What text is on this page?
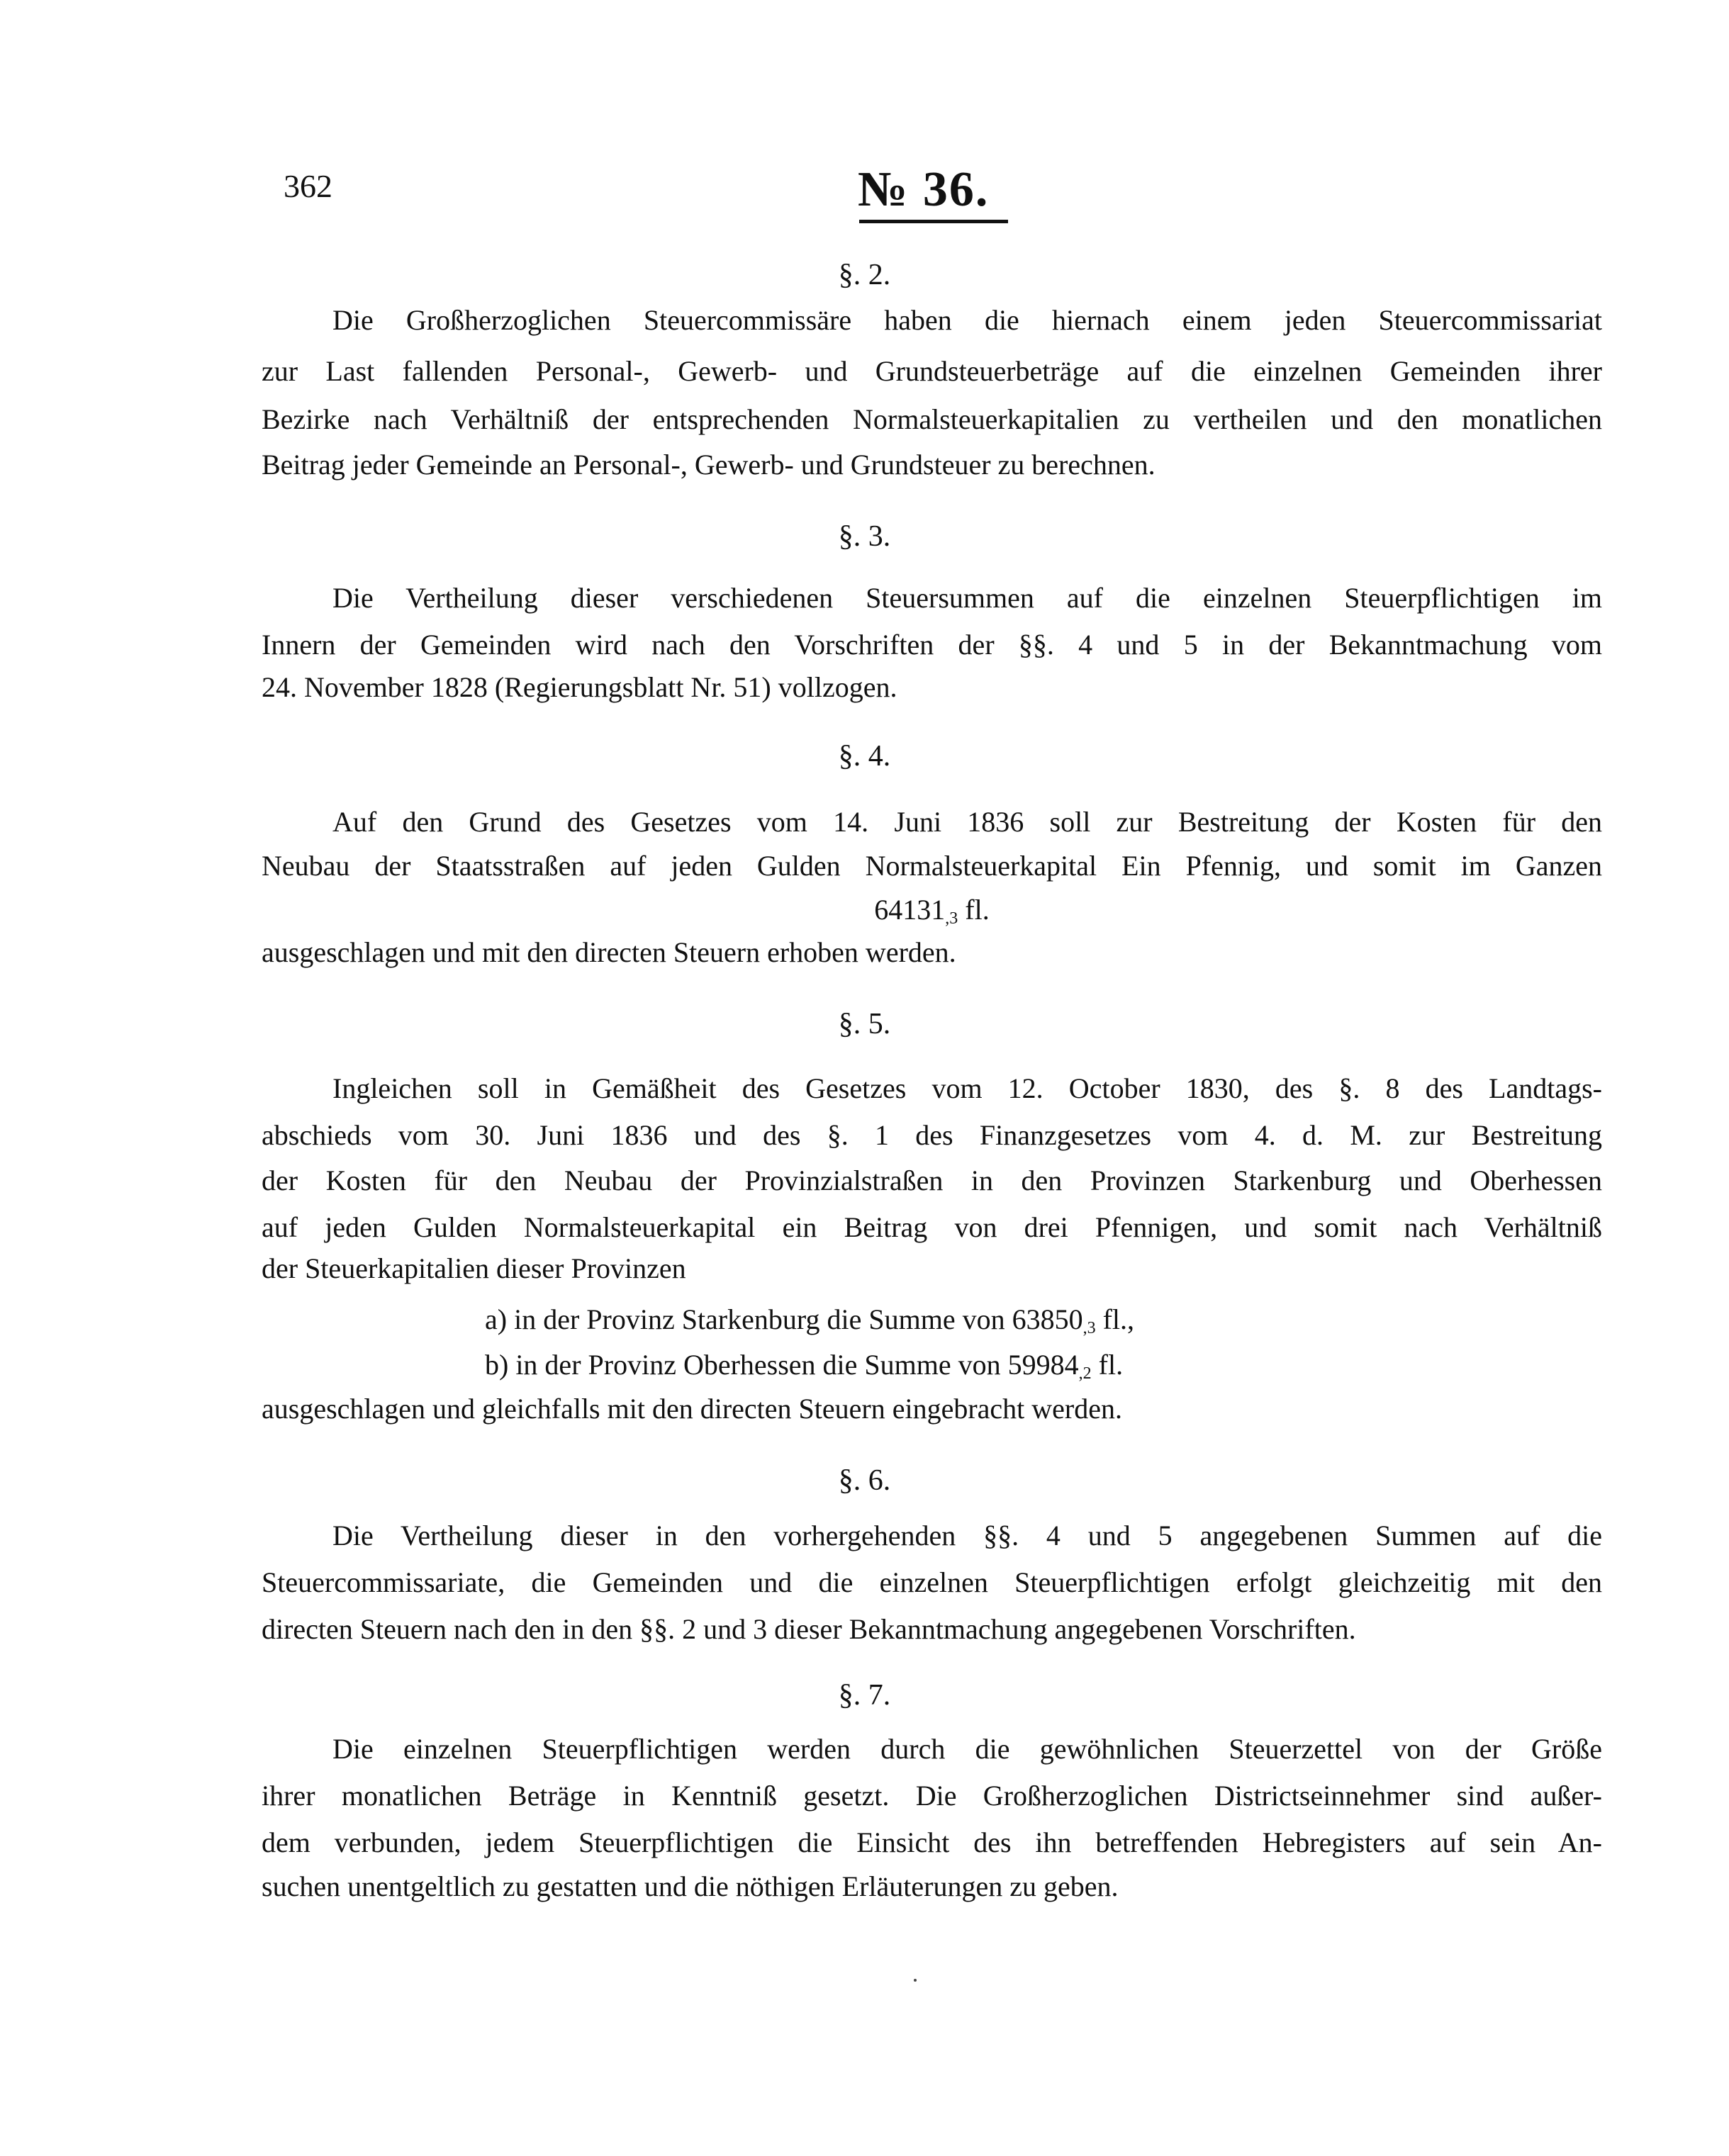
362	№ 36.
§. 2.
Die Großherzoglichen Steuercommissäre haben die hiernach einem jeden Steuercommissariat
zur Last fallenden Personal-, Gewerb- und Grundsteuerbeträge auf die einzelnen Gemeinden ihrer
Bezirke nach Verhältniß der entsprechenden Normalsteuerkapitalien zu vertheilen und den monatlichen
Beitrag jeder Gemeinde an Personal-, Gewerb- und Grundsteuer zu berechnen.
§. 3.
Die Vertheilung dieser verschiedenen Steuersummen auf die einzelnen Steuerpflichtigen im
Innern der Gemeinden wird nach den Vorschriften der §§. 4 und 5 in der Bekanntmachung vom
24. November 1828 (Regierungsblatt Nr. 51) vollzogen.
§. 4.
Auf den Grund des Gesetzes vom 14. Juni 1836 soll zur Bestreitung der Kosten für den
Neubau der Staatsstraßen auf jeden Gulden Normalsteuerkapital Ein Pfennig, und somit im Ganzen
$64131_{,3}$ fl.
ausgeschlagen und mit den directen Steuern erhoben werden.
§. 5.
Ingleichen soll in Gemäßheit des Gesetzes vom 12. October 1830, des §. 8 des Landtags-
abschieds vom 30. Juni 1836 und des §. 1 des Finanzgesetzes vom 4. d. M. zur Bestreitung
der Kosten für den Neubau der Provinzialstraßen in den Provinzen Starkenburg und Oberhessen
auf jeden Gulden Normalsteuerkapital ein Beitrag von drei Pfennigen, und somit nach Verhältniß
der Steuerkapitalien dieser Provinzen
a) in der Provinz Starkenburg die Summe von $63850_{,3}$ fl.,
b) in der Provinz Oberhessen die Summe von $59984_{,2}$ fl.
ausgeschlagen und gleichfalls mit den directen Steuern eingebracht werden.
§. 6.
Die Vertheilung dieser in den vorhergehenden §§. 4 und 5 angegebenen Summen auf die
Steuercommissariate, die Gemeinden und die einzelnen Steuerpflichtigen erfolgt gleichzeitig mit den
directen Steuern nach den in den §§. 2 und 3 dieser Bekanntmachung angegebenen Vorschriften.
§. 7.
Die einzelnen Steuerpflichtigen werden durch die gewöhnlichen Steuerzettel von der Größe
ihrer monatlichen Beträge in Kenntniß gesetzt. Die Großherzoglichen Districtseinnehmer sind außer-
dem verbunden, jedem Steuerpflichtigen die Einsicht des ihn betreffenden Hebregisters auf sein An-
suchen unentgeltlich zu gestatten und die nöthigen Erläuterungen zu geben.
